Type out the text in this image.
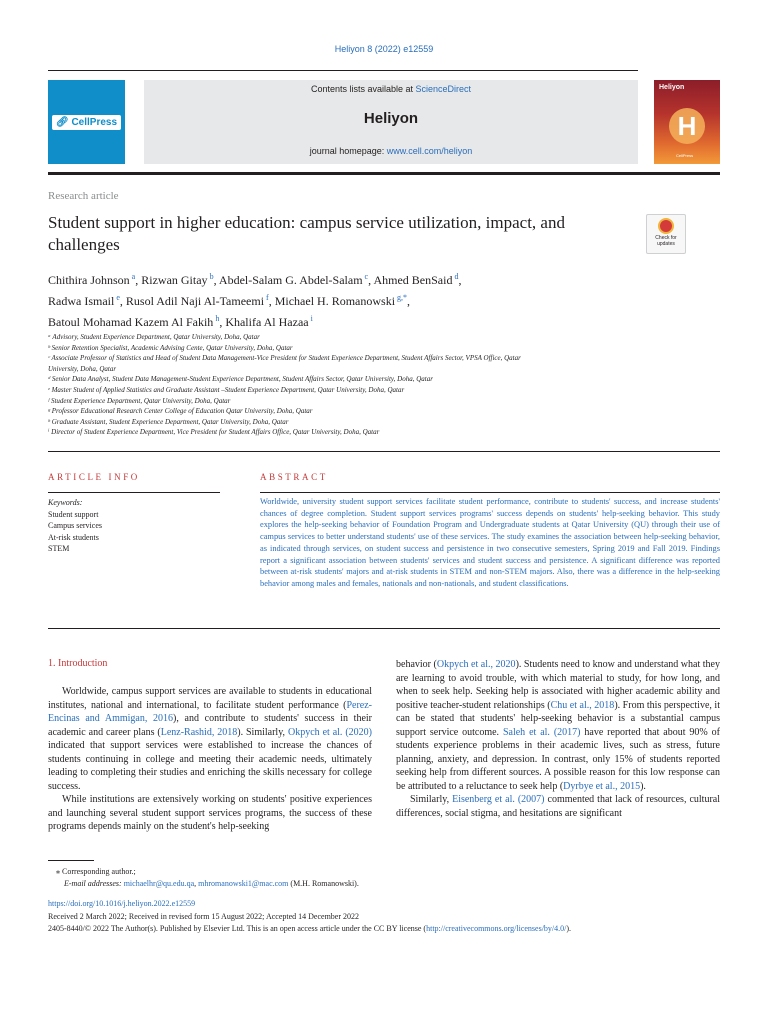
Heliyon 8 (2022) e12559
🔗︎ CellPress
Contents lists available at ScienceDirect
Heliyon
journal homepage: www.cell.com/heliyon
Heliyon
H
CellPress
Research article
Student support in higher education: campus service utilization, impact, and challenges	Check for updates
Chithira Johnson $^a$, Rizwan Gitay $^b$, Abdel-Salam G. Abdel-Salam $^c$, Ahmed BenSaid $^d$,
Radwa Ismail $^e$, Rusol Adil Naji Al-Tameemi $^f$, Michael H. Romanowski $^{g,*}$,
Batoul Mohamad Kazem Al Fakih $^h$, Khalifa Al Hazaa $^i$
ᵃ Advisory, Student Experience Department, Qatar University, Doha, Qatar
ᵇ Senior Retention Specialist, Academic Advising Cente, Qatar University, Doha, Qatar
ᶜ Associate Professor of Statistics and Head of Student Data Management-Vice President for Student Experience Department, Student Affairs Sector, VPSA Office, Qatar
University, Doha, Qatar
ᵈ Senior Data Analyst, Student Data Management-Student Experience Department, Student Affairs Sector, Qatar University, Doha, Qatar
ᵉ Master Student of Applied Statistics and Graduate Assistant –Student Experience Department, Qatar University, Doha, Qatar
ᶠ Student Experience Department, Qatar University, Doha, Qatar
ᵍ Professor Educational Research Center College of Education Qatar University, Doha, Qatar
ʰ Graduate Assistant, Student Experience Department, Qatar University, Doha, Qatar
ⁱ Director of Student Experience Department, Vice President for Student Affairs Office, Qatar University, Doha, Qatar
ARTICLE INFO	ABSTRACT
Keywords:
Student support
Campus services
At-risk students
STEM
Worldwide, university student support services facilitate student performance, contribute to students' success, and increase students' chances of degree completion. Student support services programs' success depends on students' help-seeking behavior. This study explores the help-seeking behavior of Foundation Program and Undergraduate students at Qatar University (QU) through their use of campus services to better understand students' use of these services. The study examines the association between help-seeking behavior, as indicated through services, on student success and persistence in two consecutive semesters, Spring 2019 and Fall 2019. Findings report a significant association between students' services and student success and persistence. A significant difference was reported between at-risk students' majors and at-risk students in STEM and non-STEM majors. Also, there was a difference in the help-seeking behavior among males and females, nationals and non-nationals, and student classifications.
1. Introduction

Worldwide, campus support services are available to students in educational institutes, national and international, to facilitate student performance (Perez-Encinas and Ammigan, 2016), and contribute to students' success in their academic and career plans (Lenz-Rashid, 2018). Similarly, Okpych et al. (2020) indicated that support services were established to increase the chances of students continuing in college and meeting their academic needs, ultimately leading to completing their studies and enriching the skills necessary for college success.

While institutions are extensively working on students' positive experiences and launching several student support services programs, the success of these programs depends mainly on the student's help-seeking

behavior (Okpych et al., 2020). Students need to know and understand what they are learning to avoid trouble, with which material to study, for how long, and when to seek help. Seeking help is associated with higher academic ability and positive teacher-student relationships (Chu et al., 2018). From this perspective, it can be stated that students' help-seeking behavior is a substantial campus support service outcome. Saleh et al. (2017) have reported that about 90% of students experience problems in their academic lives, such as stress, future planning, anxiety, and depression. In contrast, only 15% of students reported seeking help from different sources. A possible reason for this low response can be attributed to a reluctance to seek help (Dyrbye et al., 2015).

Similarly, Eisenberg et al. (2007) commented that lack of resources, cultural differences, social stigma, and hesitations are significant

⁎ Corresponding author.;
E-mail addresses: michaelhr@qu.edu.qa, mhromanowski1@mac.com (M.H. Romanowski).
https://doi.org/10.1016/j.heliyon.2022.e12559
Received 2 March 2022; Received in revised form 15 August 2022; Accepted 14 December 2022
2405-8440/© 2022 The Author(s). Published by Elsevier Ltd. This is an open access article under the CC BY license (http://creativecommons.org/licenses/by/4.0/).
